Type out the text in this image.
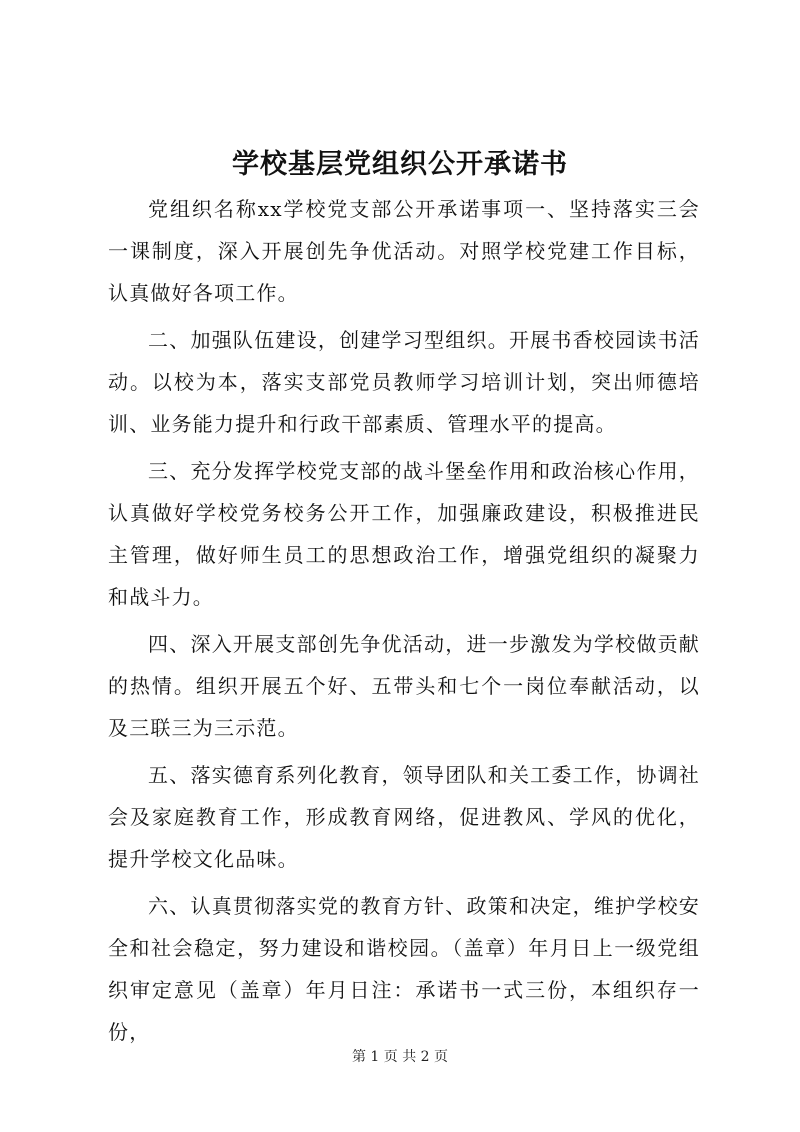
学校基层党组织公开承诺书

党组织名称xx学校党支部公开承诺事项一、坚持落实三会一课制度，深入开展创先争优活动。对照学校党建工作目标，认真做好各项工作。

二、加强队伍建设，创建学习型组织。开展书香校园读书活动。以校为本，落实支部党员教师学习培训计划，突出师德培训、业务能力提升和行政干部素质、管理水平的提高。

三、充分发挥学校党支部的战斗堡垒作用和政治核心作用，认真做好学校党务校务公开工作，加强廉政建设，积极推进民主管理，做好师生员工的思想政治工作，增强党组织的凝聚力和战斗力。

四、深入开展支部创先争优活动，进一步激发为学校做贡献的热情。组织开展五个好、五带头和七个一岗位奉献活动，以及三联三为三示范。

五、落实德育系列化教育，领导团队和关工委工作，协调社会及家庭教育工作，形成教育网络，促进教风、学风的优化，提升学校文化品味。

六、认真贯彻落实党的教育方针、政策和决定，维护学校安全和社会稳定，努力建设和谐校园。（盖章）年月日上一级党组织审定意见（盖章）年月日注：承诺书一式三份，本组织存一份，

第 1 页 共 2 页
